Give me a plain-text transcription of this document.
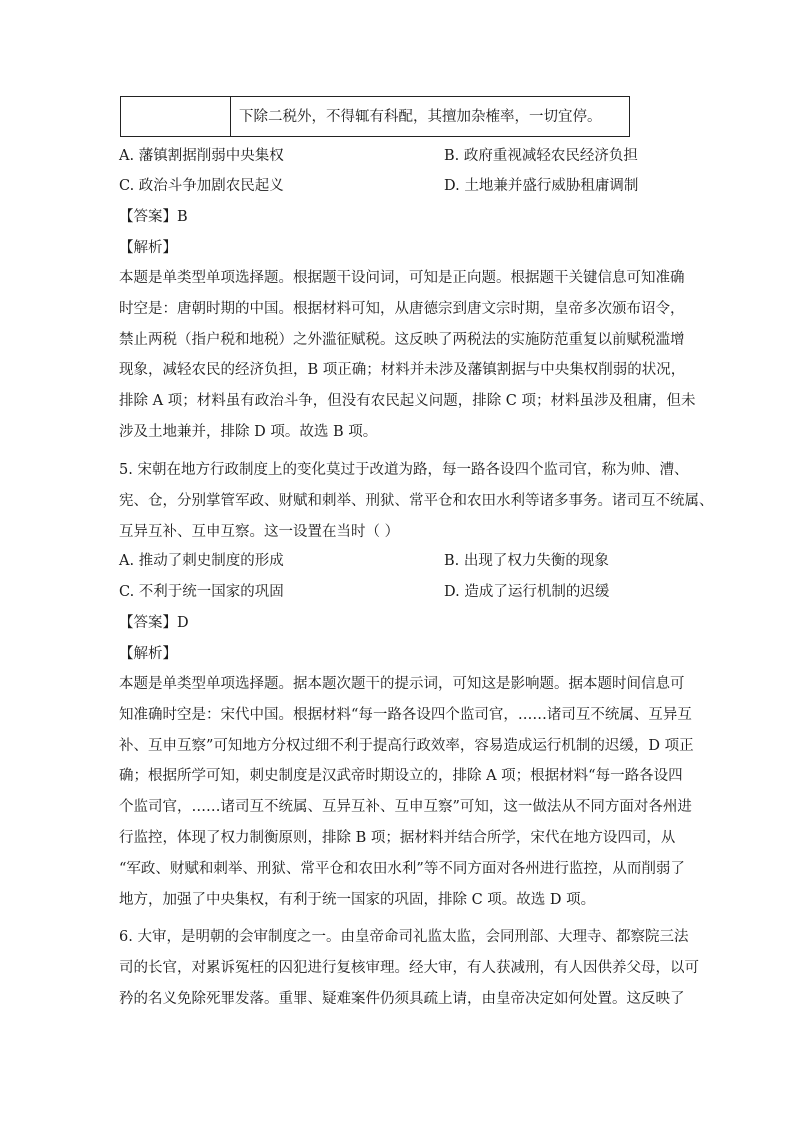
下除二税外，不得辄有科配，其擅加杂榷率，一切宜停。
A. 藩镇割据削弱中央集权	B. 政府重视减轻农民经济负担
C. 政治斗争加剧农民起义	D. 土地兼并盛行威胁租庸调制
【答案】B
【解析】
本题是单类型单项选择题。根据题干设问词，可知是正向题。根据题干关键信息可知准确
时空是：唐朝时期的中国。根据材料可知，从唐德宗到唐文宗时期，皇帝多次颁布诏令，
禁止两税（指户税和地税）之外滥征赋税。这反映了两税法的实施防范重复以前赋税滥增
现象，减轻农民的经济负担，B 项正确；材料并未涉及藩镇割据与中央集权削弱的状况，
排除 A 项；材料虽有政治斗争，但没有农民起义问题，排除 C 项；材料虽涉及租庸，但未
涉及土地兼并，排除 D 项。故选 B 项。
5. 宋朝在地方行政制度上的变化莫过于改道为路，每一路各设四个监司官，称为帅、漕、
宪、仓，分别掌管军政、财赋和刺举、刑狱、常平仓和农田水利等诸多事务。诸司互不统属、
互异互补、互申互察。这一设置在当时（ ）
A. 推动了刺史制度的形成	B. 出现了权力失衡的现象
C. 不利于统一国家的巩固	D. 造成了运行机制的迟缓
【答案】D
【解析】
本题是单类型单项选择题。据本题次题干的提示词，可知这是影响题。据本题时间信息可
知准确时空是：宋代中国。根据材料“每一路各设四个监司官，……诸司互不统属、互异互
补、互申互察”可知地方分权过细不利于提高行政效率，容易造成运行机制的迟缓，D 项正
确；根据所学可知，刺史制度是汉武帝时期设立的，排除 A 项；根据材料“每一路各设四
个监司官，……诸司互不统属、互异互补、互申互察”可知，这一做法从不同方面对各州进
行监控，体现了权力制衡原则，排除 B 项；据材料并结合所学，宋代在地方设四司，从
“军政、财赋和刺举、刑狱、常平仓和农田水利”等不同方面对各州进行监控，从而削弱了
地方，加强了中央集权，有利于统一国家的巩固，排除 C 项。故选 D 项。
6. 大审，是明朝的会审制度之一。由皇帝命司礼监太监，会同刑部、大理寺、都察院三法
司的长官，对累诉冤枉的囚犯进行复核审理。经大审，有人获减刑，有人因供养父母，以可
矜的名义免除死罪发落。重罪、疑难案件仍须具疏上请，由皇帝决定如何处置。这反映了
